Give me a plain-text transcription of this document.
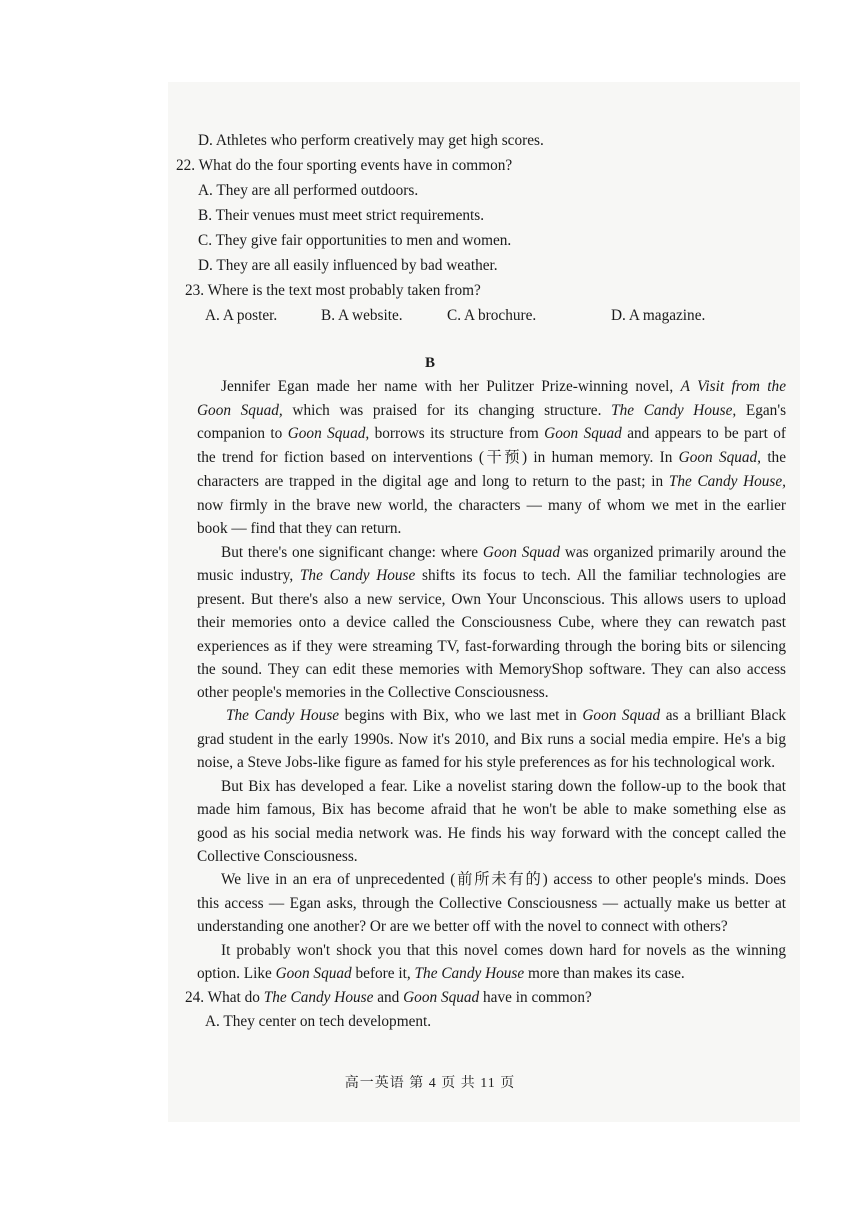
D. Athletes who perform creatively may get high scores.
22. What do the four sporting events have in common?
A. They are all performed outdoors.
B. Their venues must meet strict requirements.
C. They give fair opportunities to men and women.
D. They are all easily influenced by bad weather.
23. Where is the text most probably taken from?
A. A poster.	B. A website.	C. A brochure.	D. A magazine.
B
Jennifer Egan made her name with her Pulitzer Prize-winning novel, A Visit from the
Goon Squad, which was praised for its changing structure. The Candy House, Egan's
companion to Goon Squad, borrows its structure from Goon Squad and appears to be part of
the trend for fiction based on interventions (干预) in human memory. In Goon Squad, the
characters are trapped in the digital age and long to return to the past; in The Candy House,
now firmly in the brave new world, the characters — many of whom we met in the earlier
book — find that they can return.
But there's one significant change: where Goon Squad was organized primarily around the
music industry, The Candy House shifts its focus to tech. All the familiar technologies are
present. But there's also a new service, Own Your Unconscious. This allows users to upload
their memories onto a device called the Consciousness Cube, where they can rewatch past
experiences as if they were streaming TV, fast-forwarding through the boring bits or silencing
the sound. They can edit these memories with MemoryShop software. They can also access
other people's memories in the Collective Consciousness.
The Candy House begins with Bix, who we last met in Goon Squad as a brilliant Black
grad student in the early 1990s. Now it's 2010, and Bix runs a social media empire. He's a big
noise, a Steve Jobs-like figure as famed for his style preferences as for his technological work.
But Bix has developed a fear. Like a novelist staring down the follow-up to the book that
made him famous, Bix has become afraid that he won't be able to make something else as
good as his social media network was. He finds his way forward with the concept called the
Collective Consciousness.
We live in an era of unprecedented (前所未有的) access to other people's minds. Does
this access — Egan asks, through the Collective Consciousness — actually make us better at
understanding one another? Or are we better off with the novel to connect with others?
It probably won't shock you that this novel comes down hard for novels as the winning
option. Like Goon Squad before it, The Candy House more than makes its case.
24. What do The Candy House and Goon Squad have in common?
A. They center on tech development.
高一英语 第 4 页 共 11 页
